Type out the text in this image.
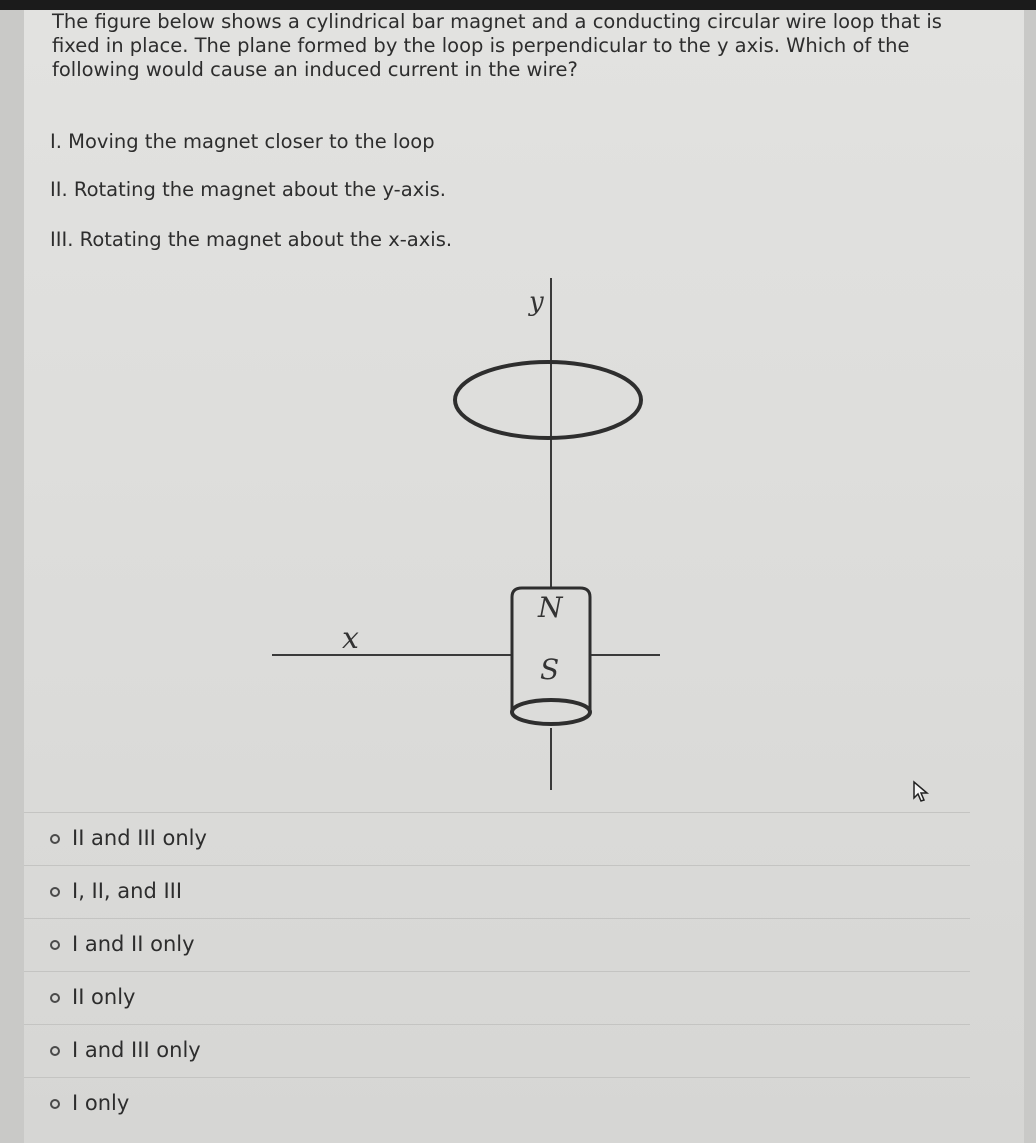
The figure below shows a cylindrical bar magnet and a conducting circular wire loop that is fixed in place. The plane formed by the loop is perpendicular to the y axis. Which of the following would cause an induced current in the wire?

I. Moving the magnet closer to the loop

II. Rotating the magnet about the y-axis.

III. Rotating the magnet about the x-axis.

y
x
N
S
II and III only
I, II, and III
I and II only
II only
I and III only
I only
